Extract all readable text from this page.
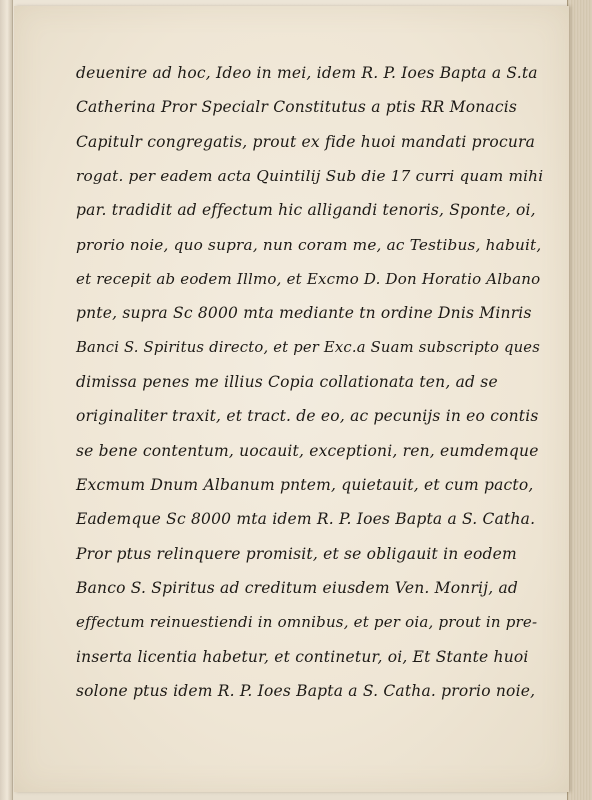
deuenire ad hoc, Ideo in mei, idem R. P. Ioes Bapta a S.ta
Catherina Pror Specialr Constitutus a ptis RR Monacis
Capitulr congregatis, prout ex fide huoi mandati procura
rogat. per eadem acta Quintilij Sub die 17 curri quam mihi
par. tradidit ad effectum hic alligandi tenoris, Sponte, oi,
prorio noie, quo supra, nun coram me, ac Testibus, habuit,
et recepit ab eodem Illmo, et Excmo D. Don Horatio Albano
pnte, supra Sc 8000 mta mediante tn ordine Dnis Minris
Banci S. Spiritus directo, et per Exc.a Suam subscripto ques
dimissa penes me illius Copia collationata ten, ad se
originaliter traxit, et tract. de eo, ac pecunijs in eo contis
se bene contentum, uocauit, exceptioni, ren, eumdemque
Excmum Dnum Albanum pntem, quietauit, et cum pacto,
Eademque Sc 8000 mta idem R. P. Ioes Bapta a S. Catha.
Pror ptus relinquere promisit, et se obligauit in eodem
Banco S. Spiritus ad creditum eiusdem Ven. Monrij, ad
effectum reinuestiendi in omnibus, et per oia, prout in pre-
inserta licentia habetur, et continetur, oi, Et Stante huoi
solone ptus idem R. P. Ioes Bapta a S. Catha. prorio noie,
